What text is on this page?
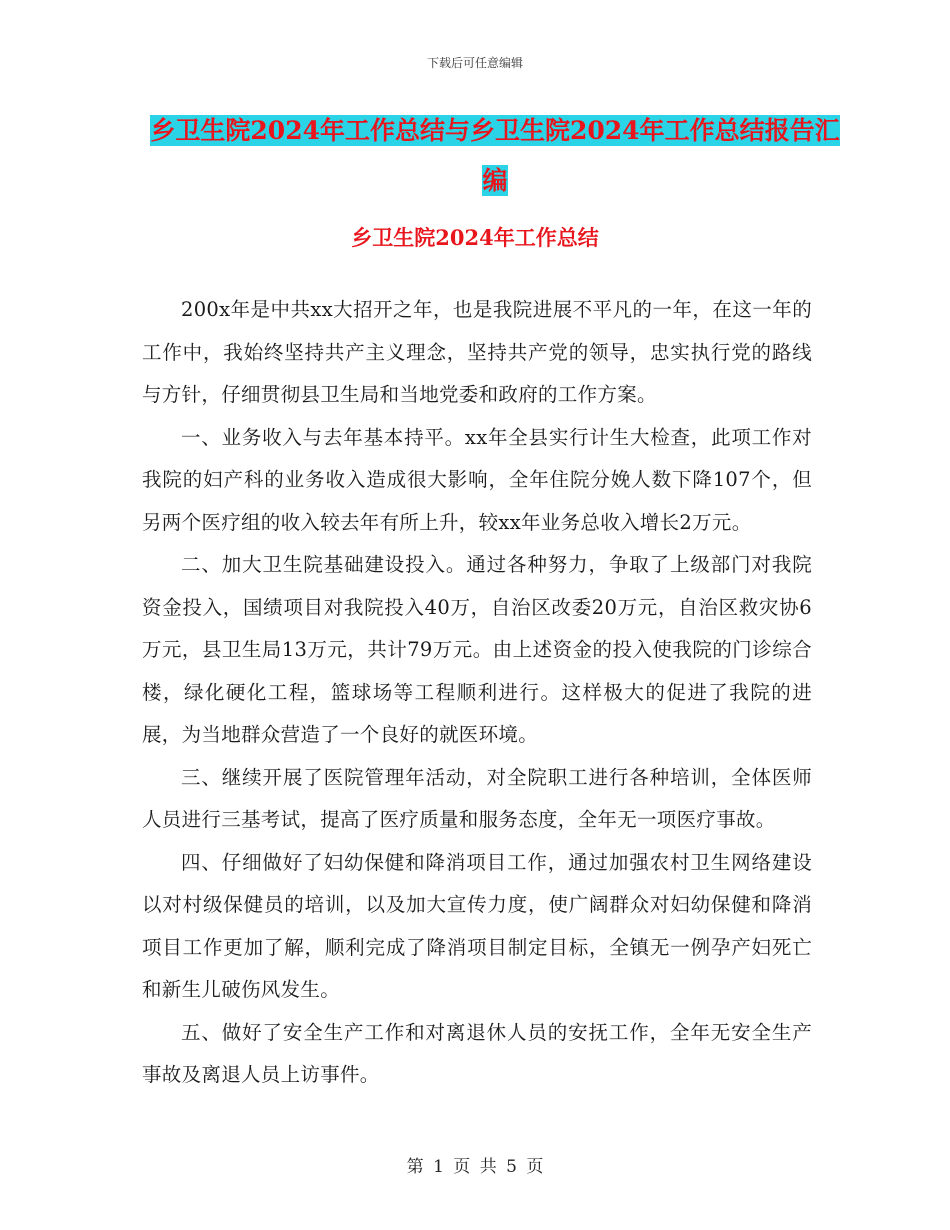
下载后可任意编辑
乡卫生院2024年工作总结与乡卫生院2024年工作总结报告汇编
乡卫生院2024年工作总结

200x年是中共xx大招开之年，也是我院进展不平凡的一年，在这一年的工作中，我始终坚持共产主义理念，坚持共产党的领导，忠实执行党的路线与方针，仔细贯彻县卫生局和当地党委和政府的工作方案。

一、业务收入与去年基本持平。xx年全县实行计生大检查，此项工作对我院的妇产科的业务收入造成很大影响，全年住院分娩人数下降107个，但另两个医疗组的收入较去年有所上升，较xx年业务总收入增长2万元。

二、加大卫生院基础建设投入。通过各种努力，争取了上级部门对我院资金投入，国绩项目对我院投入40万，自治区改委20万元，自治区救灾协6万元，县卫生局13万元，共计79万元。由上述资金的投入使我院的门诊综合楼，绿化硬化工程，篮球场等工程顺利进行。这样极大的促进了我院的进展，为当地群众营造了一个良好的就医环境。

三、继续开展了医院管理年活动，对全院职工进行各种培训，全体医师人员进行三基考试，提高了医疗质量和服务态度，全年无一项医疗事故。

四、仔细做好了妇幼保健和降消项目工作，通过加强农村卫生网络建设以对村级保健员的培训，以及加大宣传力度，使广阔群众对妇幼保健和降消项目工作更加了解，顺利完成了降消项目制定目标，全镇无一例孕产妇死亡和新生儿破伤风发生。

五、做好了安全生产工作和对离退休人员的安抚工作，全年无安全生产事故及离退人员上访事件。

第 1 页 共 5 页
